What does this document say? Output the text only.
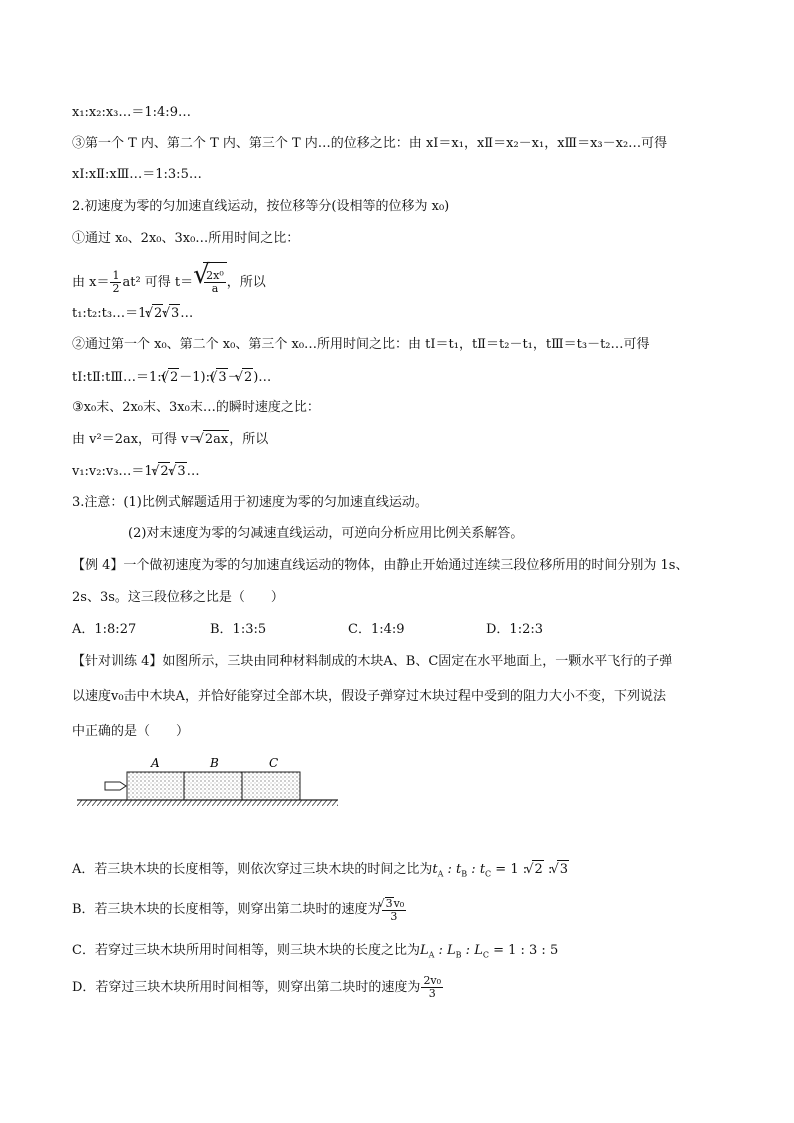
x₁:x₂:x₃…＝1:4:9…
③第一个 T 内、第二个 T 内、第三个 T 内…的位移之比：由 xⅠ＝x₁，xⅡ＝x₂－x₁，xⅢ＝x₃－x₂…可得
xⅠ:xⅡ:xⅢ…＝1:3:5…
2.初速度为零的匀加速直线运动，按位移等分(设相等的位移为 x₀)
①通过 x₀、2x₀、3x₀…所用时间之比：
由 $x= \frac{1}{2} at^2$ 可得 t＝ √
$\frac{\text{2x⁰}}{a}$ ，所以
t₁:t₂:t₃…＝1: √ 2: √ 3…
②通过第一个 x₀、第二个 x₀、第三个 x₀…所用时间之比：由 tⅠ＝t₁，tⅡ＝t₂－t₁，tⅢ＝t₃－t₂…可得
tⅠ:tⅡ:tⅢ…＝1:( √ 2－1):( √ 3－ √ 2)…
③x₀末、2x₀末、3x₀末…的瞬时速度之比：
由 v²＝2ax，可得 v＝ √ 2ax，所以
v₁:v₂:v₃…＝1: √ 2: √ 3…
3.注意：(1)比例式解题适用于初速度为零的匀加速直线运动。
(2)对末速度为零的匀减速直线运动，可逆向分析应用比例关系解答。
【例 4】一个做初速度为零的匀加速直线运动的物体，由静止开始通过连续三段位移所用的时间分别为 1s、
2s、3s。这三段位移之比是（　　）
A．1:8:27	B．1:3:5	C．1:4:9	D．1:2:3
【针对训练 4】如图所示，三块由同种材料制成的木块A、B、C固定在水平地面上，一颗水平飞行的子弹
以速度v₀击中木块A，并恰好能穿过全部木块，假设子弹穿过木块过程中受到的阻力大小不变，下列说法
中正确的是（　　）
A	B	C
A．若三块木块的长度相等，则依次穿过三块木块的时间之比为$t_A$ : $t_B$ : $t_C = 1$ : √ 2 : √ 3
B．若三块木块的长度相等，则穿出第二块时的速度为 √ $\frac{\text{3v₀}}{3}$
C．若穿过三块木块所用时间相等，则三块木块的长度之比为$L_A$ : $L_B$ : $L_C = 1$ : 3 : 5
D．若穿过三块木块所用时间相等，则穿出第二块时的速度为 $\frac{\text{2v₀}}{3}$
